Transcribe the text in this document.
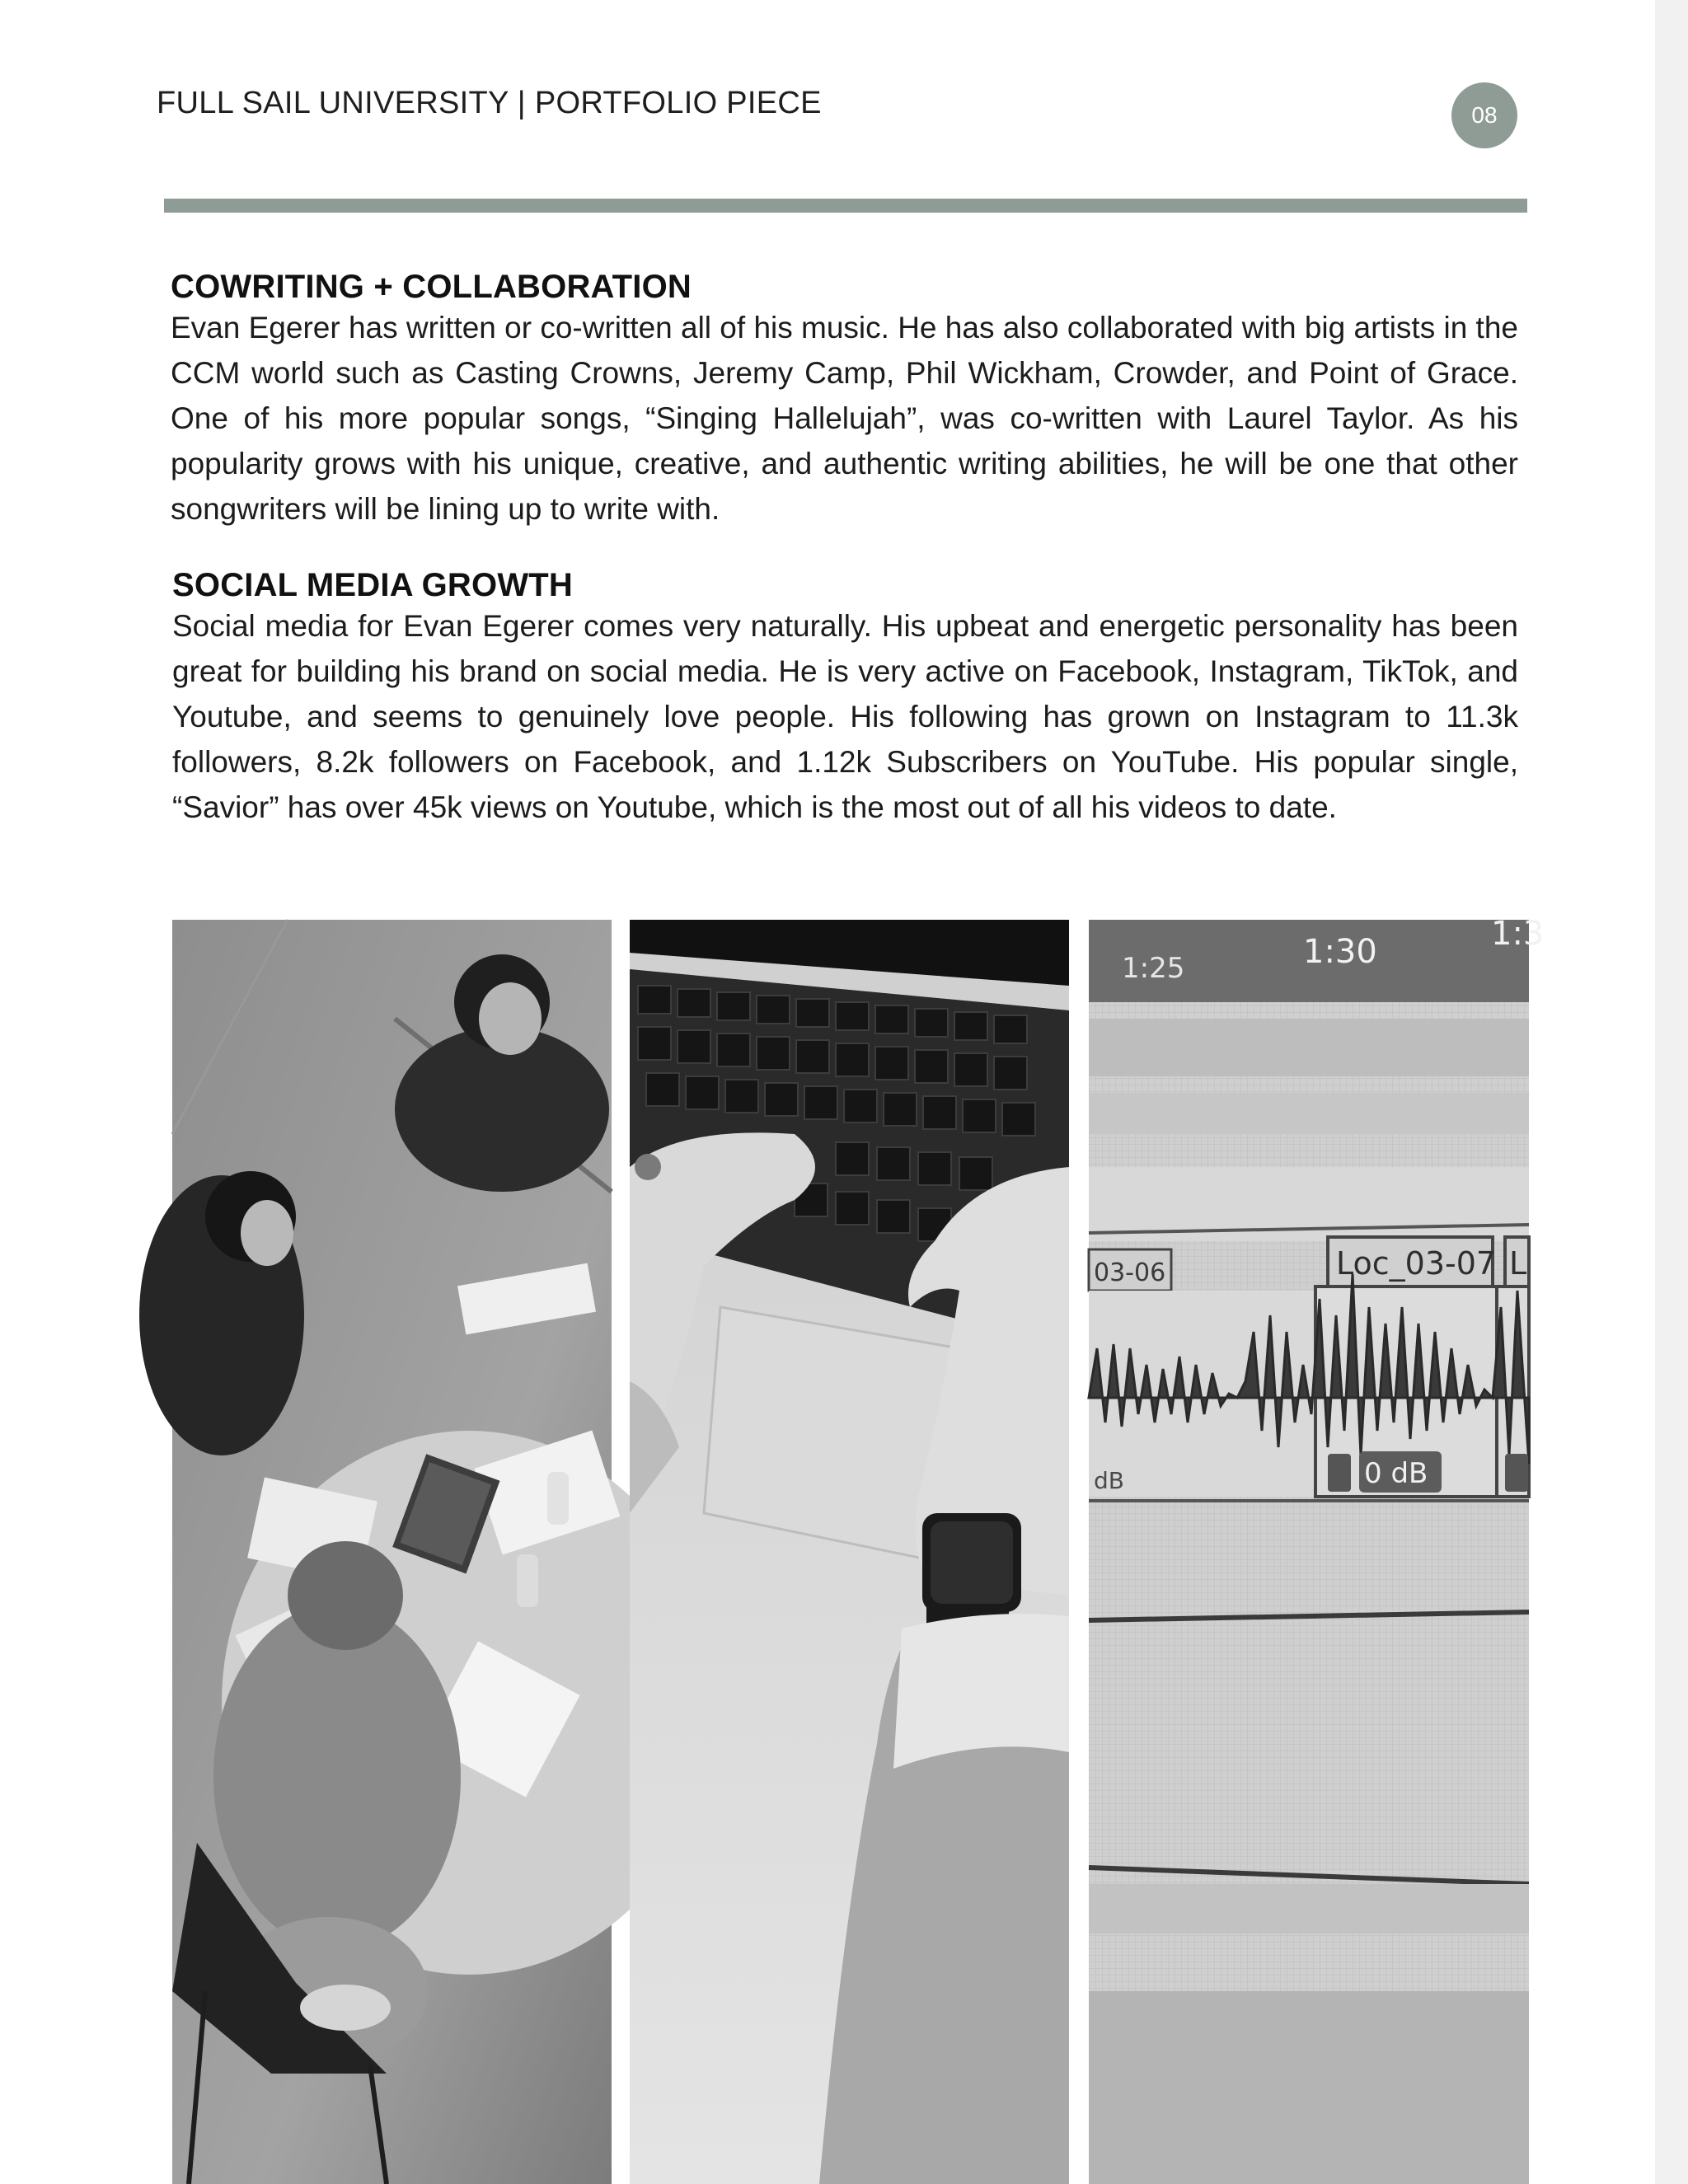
FULL SAIL UNIVERSITY | PORTFOLIO PIECE	08
COWRITING + COLLABORATION

Evan Egerer has written or co-written all of his music. He has also collaborated with big artists in the CCM world such as Casting Crowns, Jeremy Camp, Phil Wickham, Crowder, and Point of Grace. One of his more popular songs, “Singing Hallelujah”, was co-written with Laurel Taylor. As his popularity grows with his unique, creative, and authentic writing abilities, he will be one that other songwriters will be lining up to write with.

SOCIAL MEDIA GROWTH

Social media for Evan Egerer comes very naturally. His upbeat and energetic personality has been great for building his brand on social media. He is very active on Facebook, Instagram, TikTok, and Youtube, and seems to genuinely love people. His following has grown on Instagram to 11.3k followers, 8.2k followers on Facebook, and 1.12k Subscribers on YouTube. His popular single, “Savior” has over 45k views on Youtube, which is the most out of all his videos to date.

1:25	1:30	1:3
03-06	Loc_03-07 L
dB	0 dB
